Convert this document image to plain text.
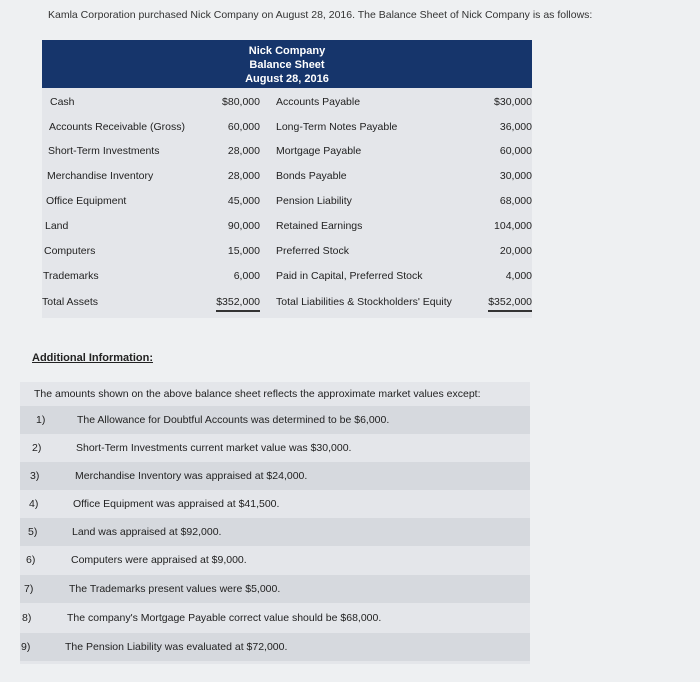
Kamla Corporation purchased Nick Company on August 28, 2016. The Balance Sheet of Nick Company is as follows:
Nick Company
Balance Sheet
August 28, 2016
Cash	$80,000 Accounts Payable	$30,000
Accounts Receivable (Gross)	60,000 Long-Term Notes Payable	36,000
Short-Term Investments	28,000 Mortgage Payable	60,000
Merchandise Inventory	28,000 Bonds Payable	30,000
Office Equipment	45,000 Pension Liability	68,000
Land	90,000 Retained Earnings	104,000
Computers	15,000 Preferred Stock	20,000
Trademarks	6,000 Paid in Capital, Preferred Stock	4,000
Total Assets	$352,000 Total Liabilities & Stockholders' Equity	$352,000
Additional Information:
The amounts shown on the above balance sheet reflects the approximate market values except:
1)	The Allowance for Doubtful Accounts was determined to be $6,000.
2)	Short-Term Investments current market value was $30,000.
3)	Merchandise Inventory was appraised at $24,000.
4)	Office Equipment was appraised at $41,500.
5)	Land was appraised at $92,000.
6)	Computers were appraised at $9,000.
7)	The Trademarks present values were $5,000.
8)	The company's Mortgage Payable correct value should be $68,000.
9)	The Pension Liability was evaluated at $72,000.
